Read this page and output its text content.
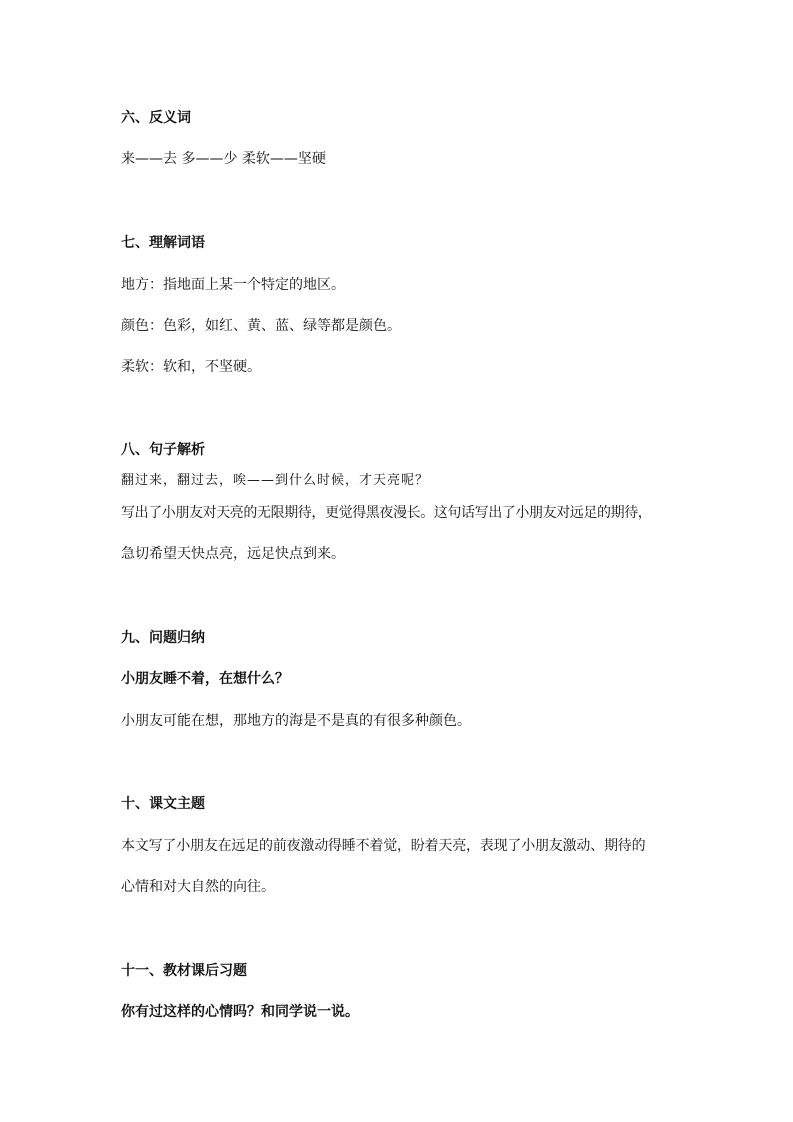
六、反义词
来——去 多——少 柔软——坚硬
七、理解词语
地方：指地面上某一个特定的地区。
颜色：色彩，如红、黄、蓝、绿等都是颜色。
柔软：软和，不坚硬。
八、句子解析
翻过来，翻过去，唉——到什么时候，才天亮呢？
写出了小朋友对天亮的无限期待，更觉得黑夜漫长。这句话写出了小朋友对远足的期待，
急切希望天快点亮，远足快点到来。
九、问题归纳
小朋友睡不着，在想什么？
小朋友可能在想，那地方的海是不是真的有很多种颜色。
十、课文主题
本文写了小朋友在远足的前夜激动得睡不着觉，盼着天亮，表现了小朋友激动、期待的
心情和对大自然的向往。
十一、教材课后习题
你有过这样的心情吗？和同学说一说。
